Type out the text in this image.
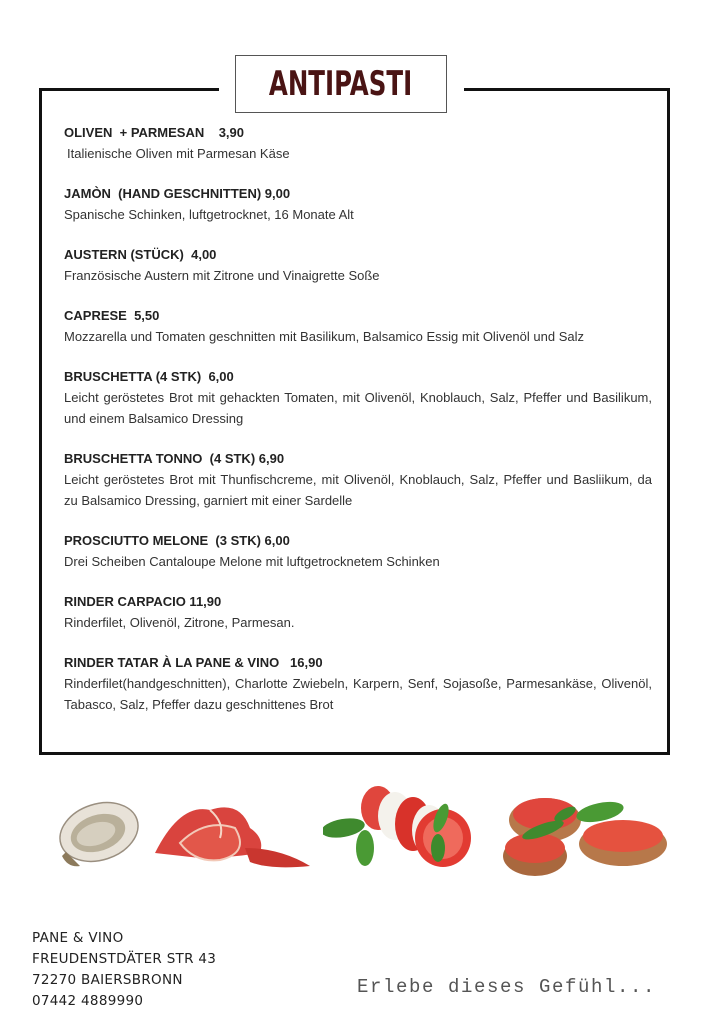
ANTIPASTI
OLIVEN  + PARMESAN    3,90
Italienische Oliven mit Parmesan Käse
JAMÒN  (HAND GESCHNITTEN) 9,00
Spanische Schinken, luftgetrocknet, 16 Monate Alt
AUSTERN (STÜCK)  4,00
Französische Austern mit Zitrone und Vinaigrette Soße
CAPRESE  5,50
Mozzarella und Tomaten geschnitten mit Basilikum, Balsamico Essig mit Olivenöl und Salz
BRUSCHETTA (4 STK)  6,00
Leicht geröstetes Brot mit gehackten Tomaten, mit Olivenöl, Knoblauch, Salz, Pfeffer und Basilikum, und einem Balsamico Dressing
BRUSCHETTA TONNO  (4 STK) 6,90
Leicht geröstetes Brot mit Thunfischcreme, mit Olivenöl, Knoblauch, Salz, Pfeffer und Basliikum, da zu Balsamico Dressing, garniert mit einer Sardelle
PROSCIUTTO MELONE  (3 STK) 6,00
Drei Scheiben Cantaloupe Melone mit luftgetrocknetem Schinken
RINDER CARPACIO 11,90
Rinderfilet, Olivenöl, Zitrone, Parmesan.
RINDER TATAR À LA PANE & VINO   16,90
Rinderfilet(handgeschnitten), Charlotte Zwiebeln, Karpern, Senf, Sojasoße, Parmesankäse, Olivenöl, Tabasco, Salz, Pfeffer dazu geschnittenes Brot
PANE & VINO
FREUDENSTDÄTER STR 43
72270 BAIERSBRONN
07442 4889990
Erlebe dieses Gefühl...
